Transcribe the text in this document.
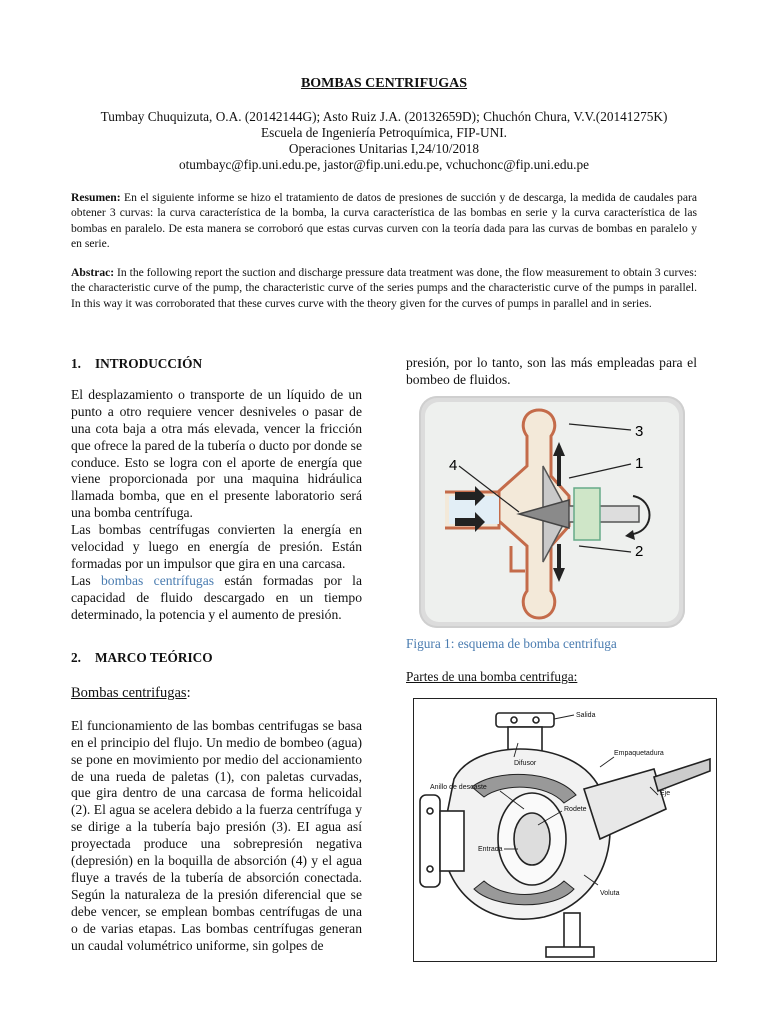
BOMBAS CENTRIFUGAS
Tumbay Chuquizuta, O.A. (20142144G); Asto Ruiz J.A. (20132659D); Chuchón Chura, V.V.(20141275K)
Escuela de Ingeniería Petroquímica, FIP-UNI.
Operaciones Unitarias I,24/10/2018
otumbayc@fip.uni.edu.pe, jastor@fip.uni.edu.pe, vchuchonc@fip.uni.edu.pe
Resumen: En el siguiente informe se hizo el tratamiento de datos de presiones de succión y de descarga, la medida de caudales para obtener 3 curvas: la curva característica de la bomba, la curva característica de las bombas en serie y la curva característica de las bombas en paralelo. De esta manera se corroboró que estas curvas curven con la teoría dada para las curvas de bombas en paralelo y en serie.
Abstrac: In the following report the suction and discharge pressure data treatment was done, the flow measurement to obtain 3 curves: the characteristic curve of the pump, the characteristic curve of the series pumps and the characteristic curve of the pumps in parallel. In this way it was corroborated that these curves curve with the theory given for the curves of pumps in parallel and in series.
1. INTRODUCCIÓN

El desplazamiento o transporte de un líquido de un punto a otro requiere vencer desniveles o pasar de una cota baja a otra más elevada, vencer la fricción que ofrece la pared de la tubería o ducto por donde se conduce. Esto se logra con el aporte de energía que viene proporcionada por una maquina hidráulica llamada bomba, que en el presente laboratorio será una bomba centrífuga.

Las bombas centrífugas convierten la energía en velocidad y luego en energía de presión. Están formadas por un impulsor que gira en una carcasa.

Las bombas centrífugas están formadas por la capacidad de fluido descargado en un tiempo determinado, la potencia y el aumento de presión.

2. MARCO TEÓRICO

Bombas centrifugas:

El funcionamiento de las bombas centrifugas se basa en el principio del flujo. Un medio de bombeo (agua) se pone en movimiento por medio del accionamiento de una rueda de paletas (1), con paletas curvadas, que gira dentro de una carcasa de forma helicoidal (2). El agua se acelera debido a la fuerza centrífuga y se dirige a la tubería bajo presión (3). EI agua así proyectada produce una sobrepresión negativa (depresión) en la boquilla de absorción (4) y el agua fluye a través de la tubería de absorción conectada. Según la naturaleza de la presión diferencial que se debe vencer, se emplean bombas centrífugas de una o de varias etapas. Las bombas centrífugas generan un caudal volumétrico uniforme, sin golpes de

presión, por lo tanto, son las más empleadas para el bombeo de fluidos.
3
1
4
2
Figura 1: esquema de bomba centrifuga
Partes de una bomba centrifuga:
Salida
Difusor
Empaquetadura
Anillo de descaste
Eje
Rodete
Entrada
Voluta
